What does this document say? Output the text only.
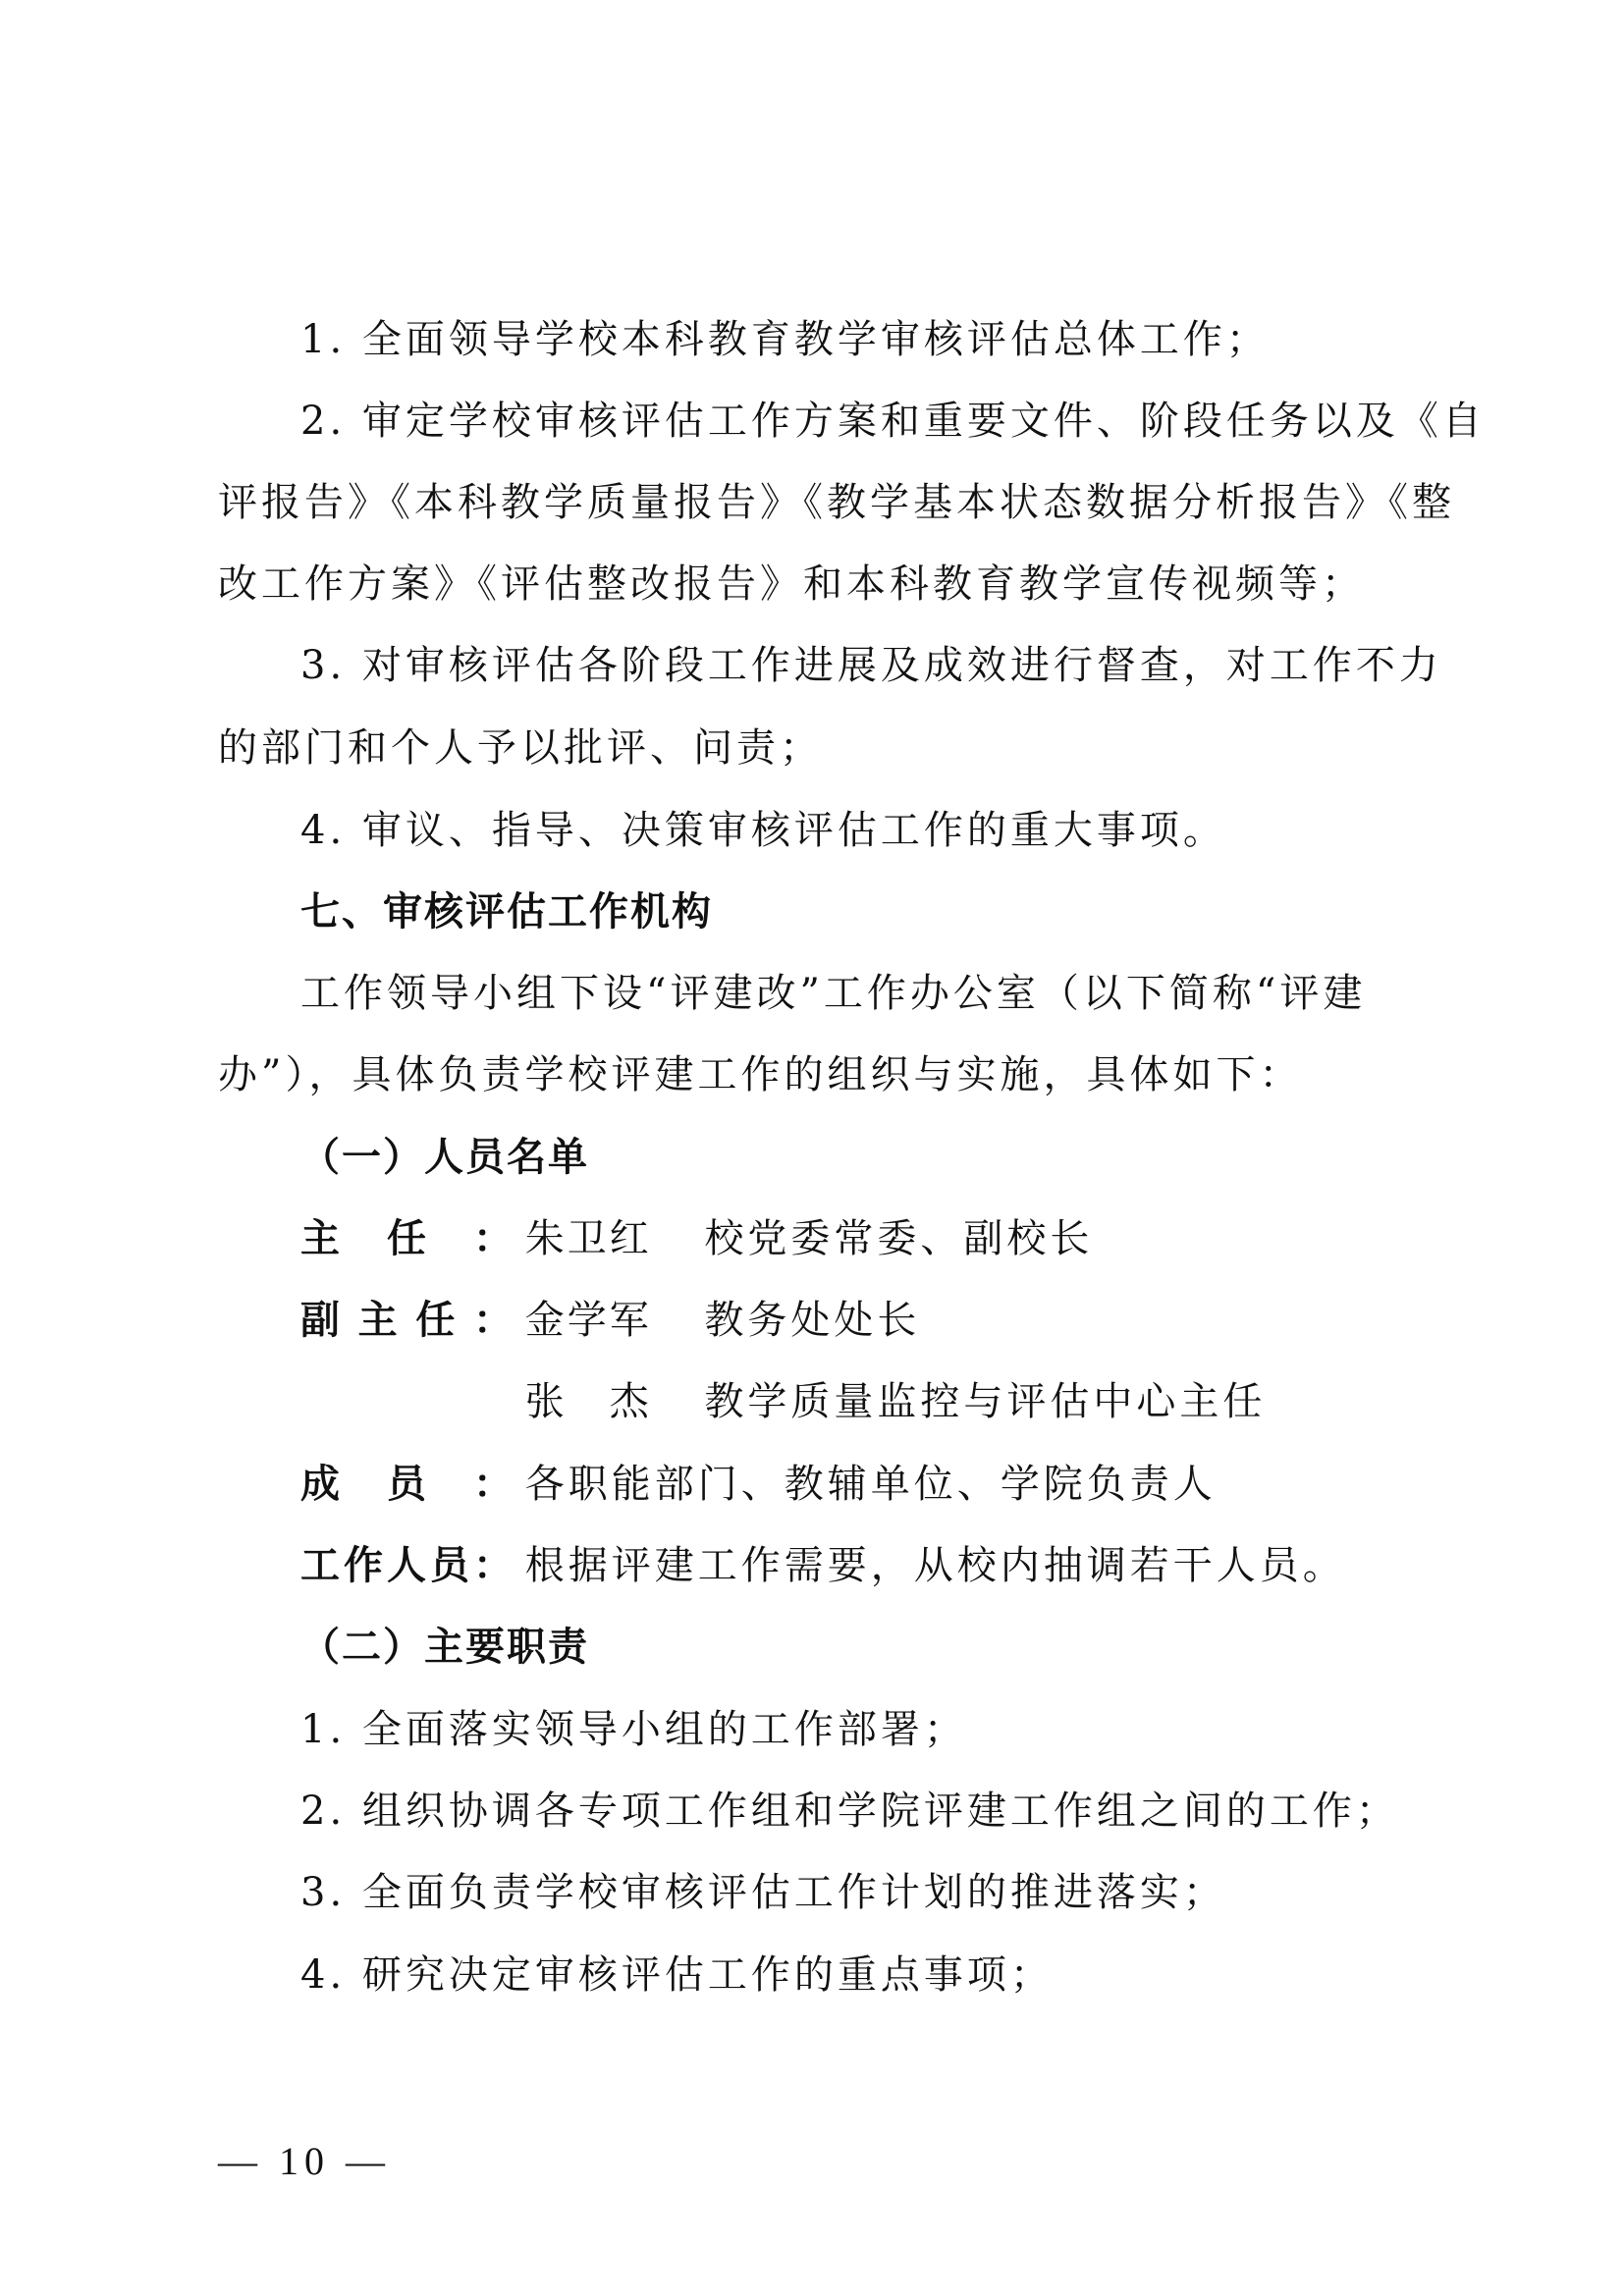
1. 全面领导学校本科教育教学审核评估总体工作；
2. 审定学校审核评估工作方案和重要文件、阶段任务以及《自
评报告》《本科教学质量报告》《教学基本状态数据分析报告》《整
改工作方案》《评估整改报告》和本科教育教学宣传视频等；
3. 对审核评估各阶段工作进展及成效进行督查，对工作不力
的部门和个人予以批评、问责；
4. 审议、指导、决策审核评估工作的重大事项。
七、审核评估工作机构
工作领导小组下设“评建改”工作办公室（以下简称“评建
办”），具体负责学校评建工作的组织与实施，具体如下：
（一）人员名单
主 任 ： 朱卫红 校党委常委、副校长
副 主 任 ： 金学军 教务处处长
张　杰 教学质量监控与评估中心主任
成 员 ： 各职能部门、教辅单位、学院负责人
工 作 人 员 ： 根据评建工作需要，从校内抽调若干人员。
（二）主要职责
1. 全面落实领导小组的工作部署；
2. 组织协调各专项工作组和学院评建工作组之间的工作；
3. 全面负责学校审核评估工作计划的推进落实；
4. 研究决定审核评估工作的重点事项；
— 10 —
